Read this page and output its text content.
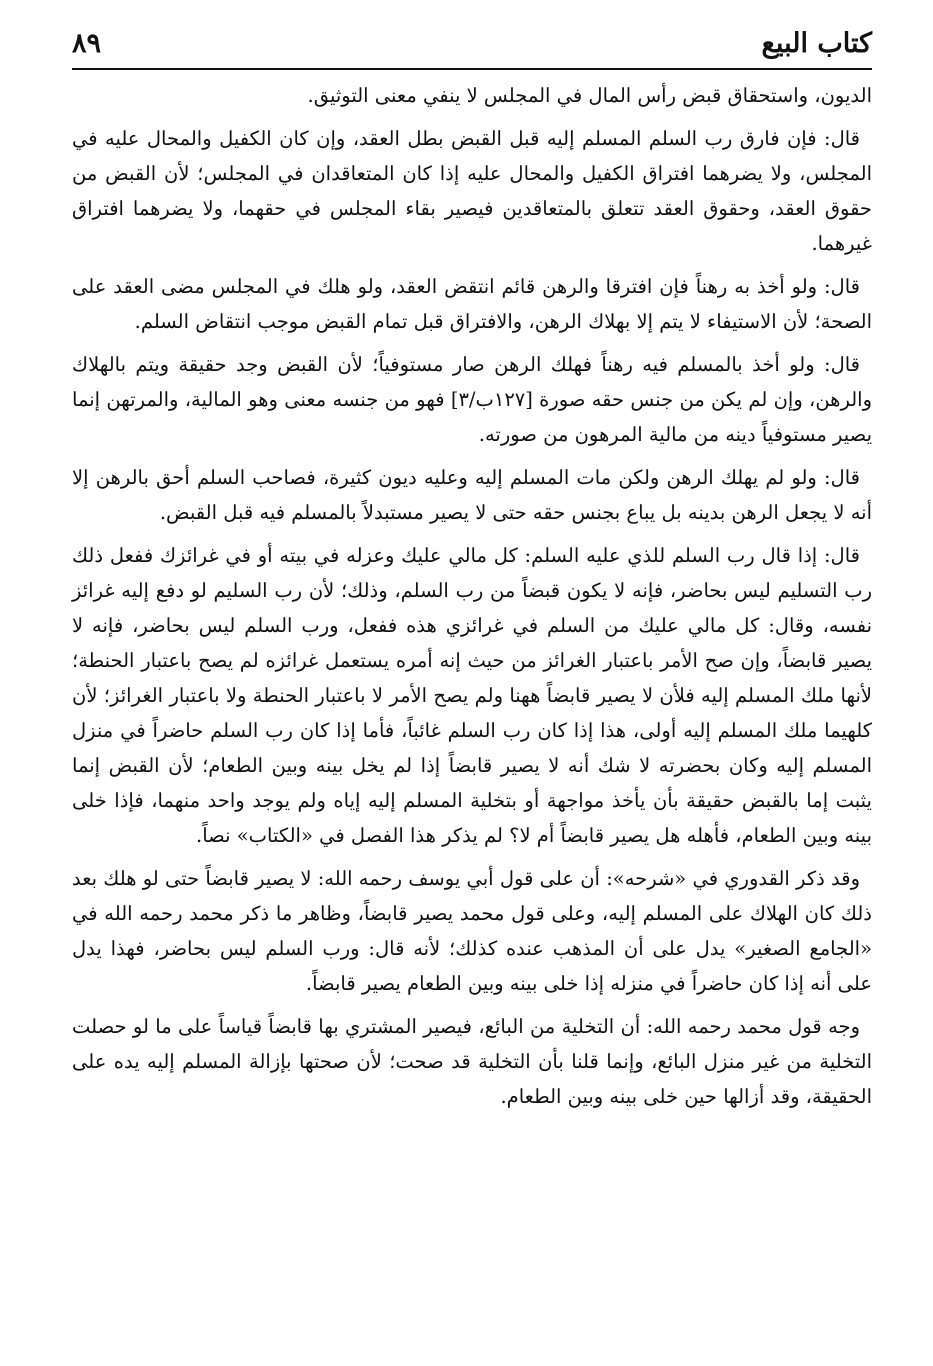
كتاب البيع
٨٩

الديون، واستحقاق قبض رأس المال في المجلس لا ينفي معنى التوثيق.

قال: فإن فارق رب السلم المسلم إليه قبل القبض بطل العقد، وإن كان الكفيل والمحال عليه في المجلس، ولا يضرهما افتراق الكفيل والمحال عليه إذا كان المتعاقدان في المجلس؛ لأن القبض من حقوق العقد، وحقوق العقد تتعلق بالمتعاقدين فيصير بقاء المجلس في حقهما، ولا يضرهما افتراق غيرهما.

قال: ولو أخذ به رهناً فإن افترقا والرهن قائم انتقض العقد، ولو هلك في المجلس مضى العقد على الصحة؛ لأن الاستيفاء لا يتم إلا بهلاك الرهن، والافتراق قبل تمام القبض موجب انتقاض السلم.

قال: ولو أخذ بالمسلم فيه رهناً فهلك الرهن صار مستوفياً؛ لأن القبض وجد حقيقة ويتم بالهلاك والرهن، وإن لم يكن من جنس حقه صورة [١٢٧ب/٣] فهو من جنسه معنى وهو المالية، والمرتهن إنما يصير مستوفياً دينه من مالية المرهون من صورته.

قال: ولو لم يهلك الرهن ولكن مات المسلم إليه وعليه ديون كثيرة، فصاحب السلم أحق بالرهن إلا أنه لا يجعل الرهن بدينه بل يباع بجنس حقه حتى لا يصير مستبدلاً بالمسلم فيه قبل القبض.

قال: إذا قال رب السلم للذي عليه السلم: كل مالي عليك وعزله في بيته أو في غرائزك ففعل ذلك رب التسليم ليس بحاضر، فإنه لا يكون قبضاً من رب السلم، وذلك؛ لأن رب السليم لو دفع إليه غرائز نفسه، وقال: كل مالي عليك من السلم في غرائزي هذه ففعل، ورب السلم ليس بحاضر، فإنه لا يصير قابضاً، وإن صح الأمر باعتبار الغرائز من حيث إنه أمره يستعمل غرائزه لم يصح باعتبار الحنطة؛ لأنها ملك المسلم إليه فلأن لا يصير قابضاً ههنا ولم يصح الأمر لا باعتبار الحنطة ولا باعتبار الغرائز؛ لأن كلهيما ملك المسلم إليه أولى، هذا إذا كان رب السلم غائباً، فأما إذا كان رب السلم حاضراً في منزل المسلم إليه وكان بحضرته لا شك أنه لا يصير قابضاً إذا لم يخل بينه وبين الطعام؛ لأن القبض إنما يثبت إما بالقبض حقيقة بأن يأخذ مواجهة أو بتخلية المسلم إليه إياه ولم يوجد واحد منهما، فإذا خلى بينه وبين الطعام، فأهله هل يصير قابضاً أم لا؟ لم يذكر هذا الفصل في «الكتاب» نصاً.

وقد ذكر القدوري في «شرحه»: أن على قول أبي يوسف رحمه الله: لا يصير قابضاً حتى لو هلك بعد ذلك كان الهلاك على المسلم إليه، وعلى قول محمد يصير قابضاً، وظاهر ما ذكر محمد رحمه الله في «الجامع الصغير» يدل على أن المذهب عنده كذلك؛ لأنه قال: ورب السلم ليس بحاضر، فهذا يدل على أنه إذا كان حاضراً في منزله إذا خلى بينه وبين الطعام يصير قابضاً.

وجه قول محمد رحمه الله: أن التخلية من البائع، فيصير المشتري بها قابضاً قياساً على ما لو حصلت التخلية من غير منزل البائع، وإنما قلنا بأن التخلية قد صحت؛ لأن صحتها بإزالة المسلم إليه يده على الحقيقة، وقد أزالها حين خلى بينه وبين الطعام.
